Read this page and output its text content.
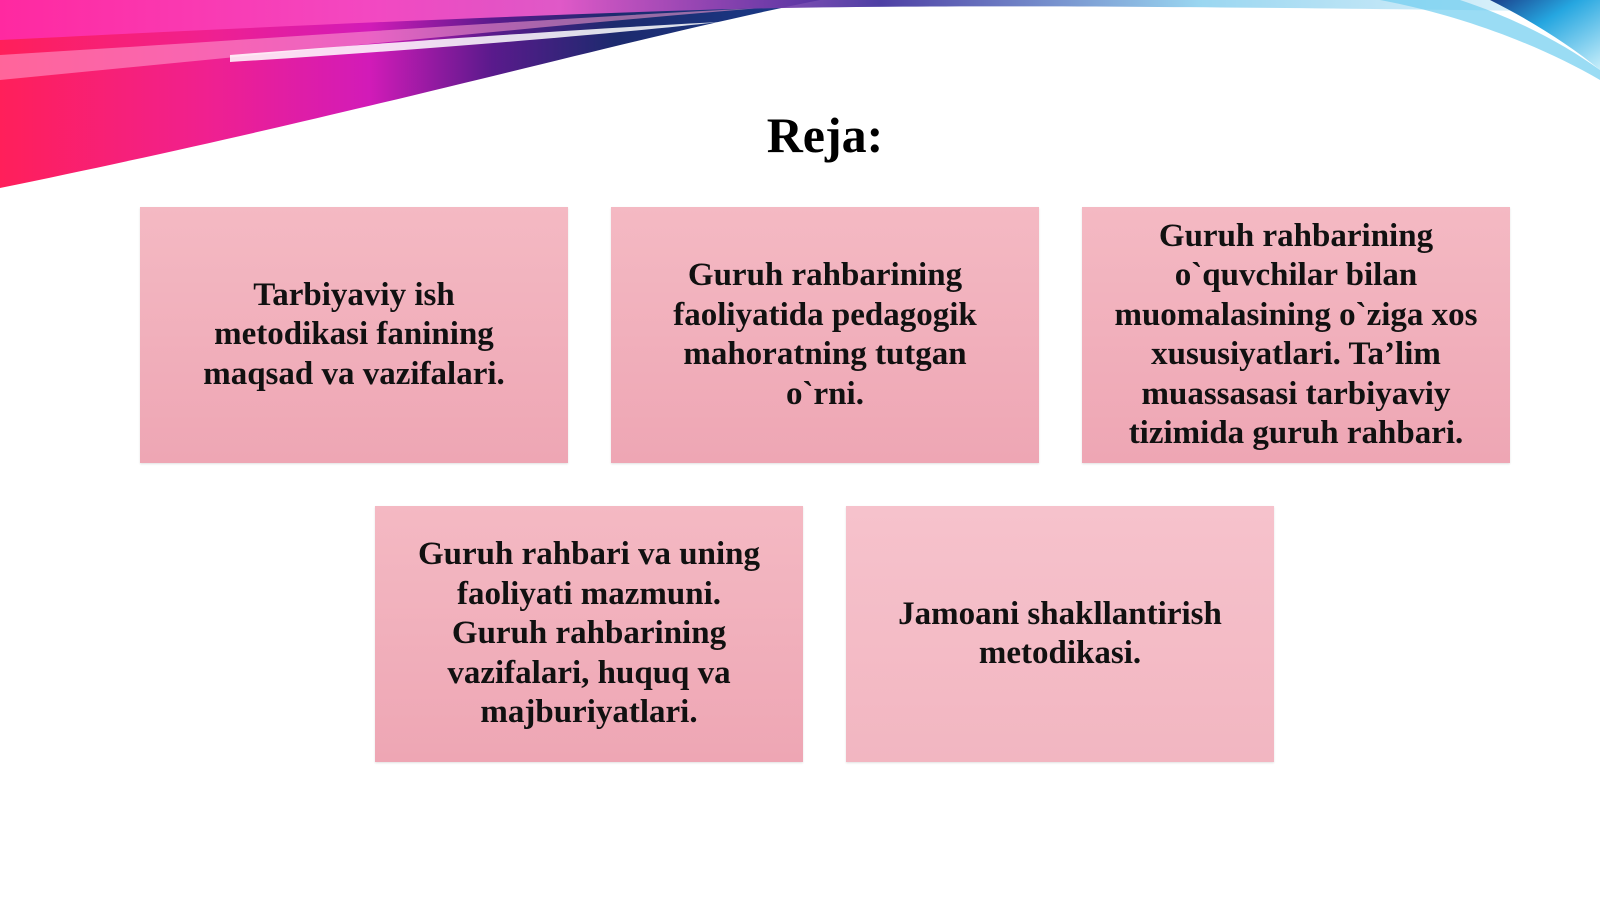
Reja:

Tarbiyaviy ish
metodikasi fanining
maqsad va vazifalari.

Guruh rahbarining
faoliyatida pedagogik
mahoratning tutgan
o`rni.

Guruh rahbarining
o`quvchilar bilan
muomalasining o`ziga xos
xususiyatlari. Ta’lim
muassasasi tarbiyaviy
tizimida guruh rahbari.

Guruh rahbari va uning
faoliyati mazmuni.
Guruh rahbarining
vazifalari, huquq va
majburiyatlari.

Jamoani shakllantirish
metodikasi.
